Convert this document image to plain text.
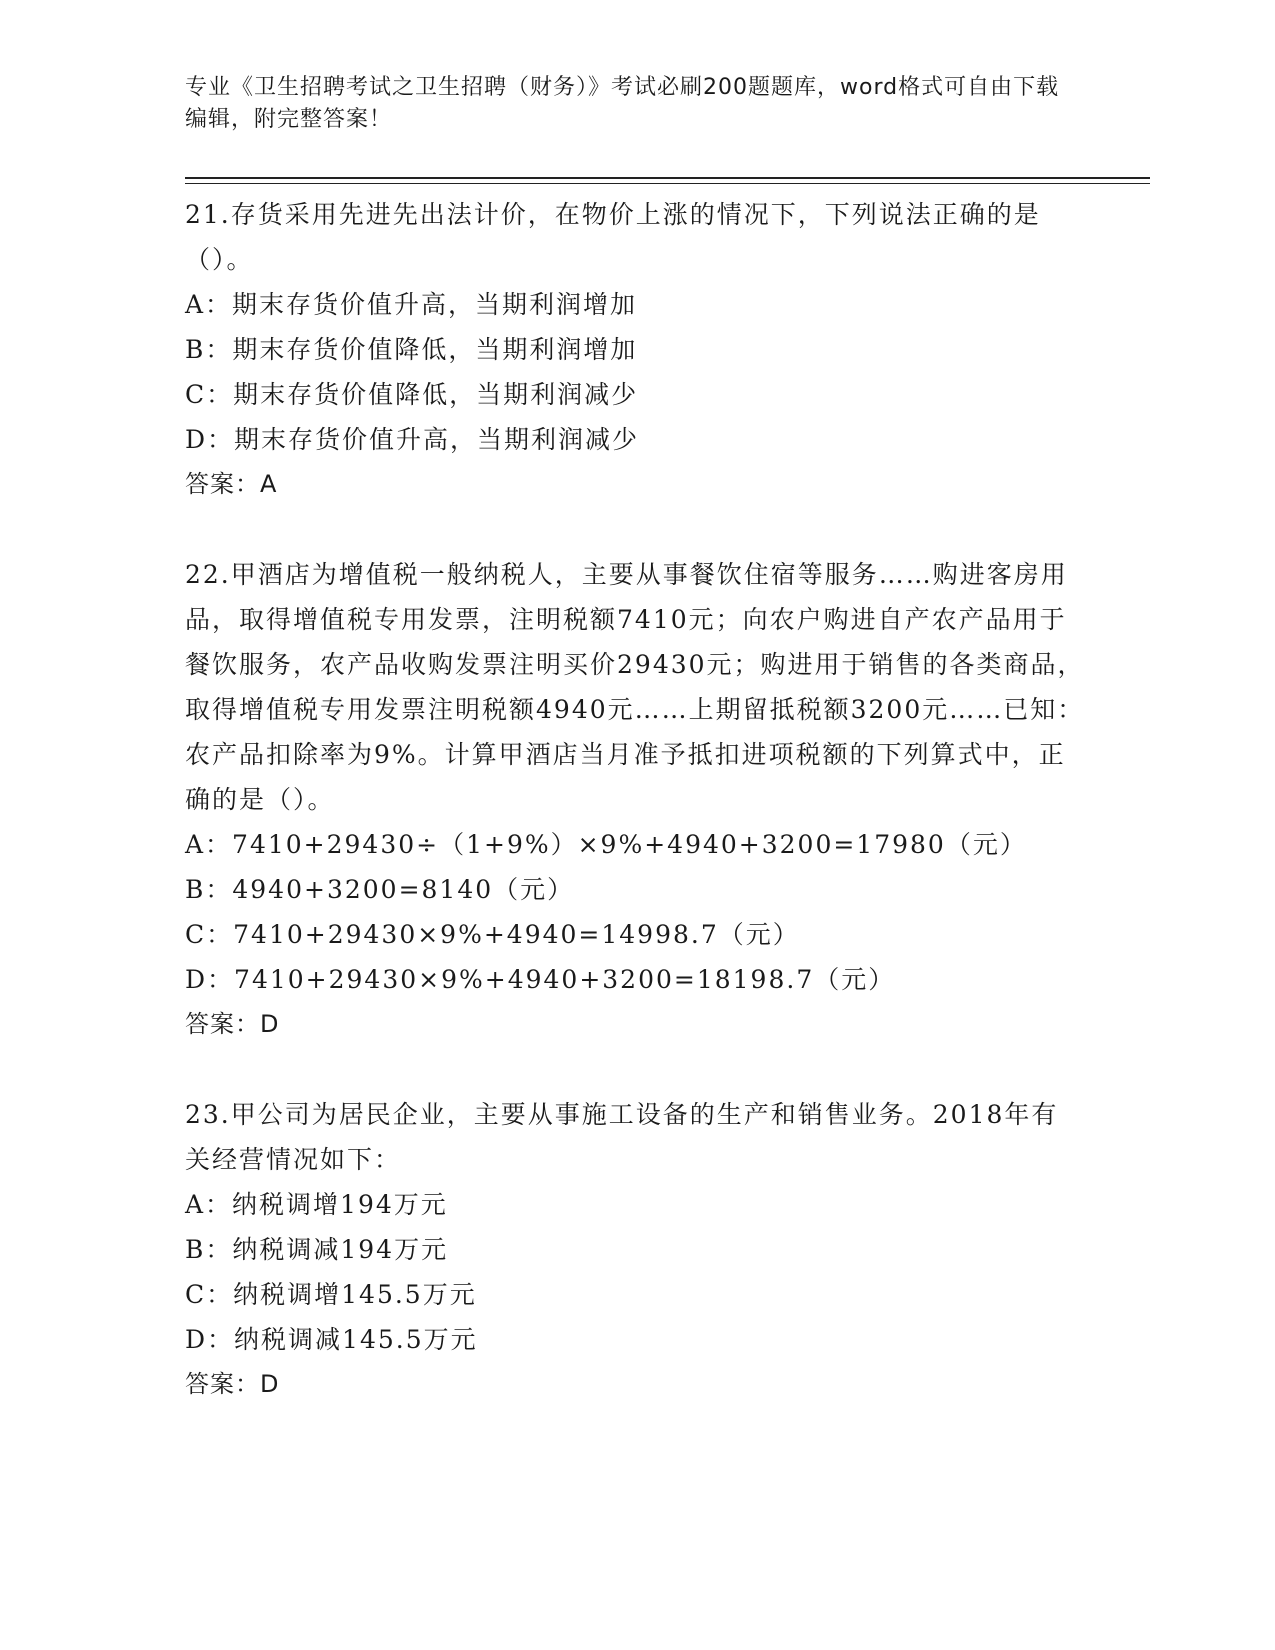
专业《卫生招聘考试之卫生招聘（财务）》考试必刷200题题库，word格式可自由下载编辑，附完整答案！

21.存货采用先进先出法计价，在物价上涨的情况下，下列说法正确的是（）。

A：期末存货价值升高，当期利润增加

B：期末存货价值降低，当期利润增加

C：期末存货价值降低，当期利润减少

D：期末存货价值升高，当期利润减少

答案：A

22.甲酒店为增值税一般纳税人，主要从事餐饮住宿等服务……购进客房用品，取得增值税专用发票，注明税额7410元；向农户购进自产农产品用于餐饮服务，农产品收购发票注明买价29430元；购进用于销售的各类商品，取得增值税专用发票注明税额4940元……上期留抵税额3200元……已知：农产品扣除率为9%。计算甲酒店当月准予抵扣进项税额的下列算式中，正确的是（）。

A：7410+29430÷（1+9%）×9%+4940+3200=17980（元）

B：4940+3200=8140（元）

C：7410+29430×9%+4940=14998.7（元）

D：7410+29430×9%+4940+3200=18198.7（元）

答案：D

23.甲公司为居民企业，主要从事施工设备的生产和销售业务。2018年有关经营情况如下：

A：纳税调增194万元

B：纳税调减194万元

C：纳税调增145.5万元

D：纳税调减145.5万元

答案：D
